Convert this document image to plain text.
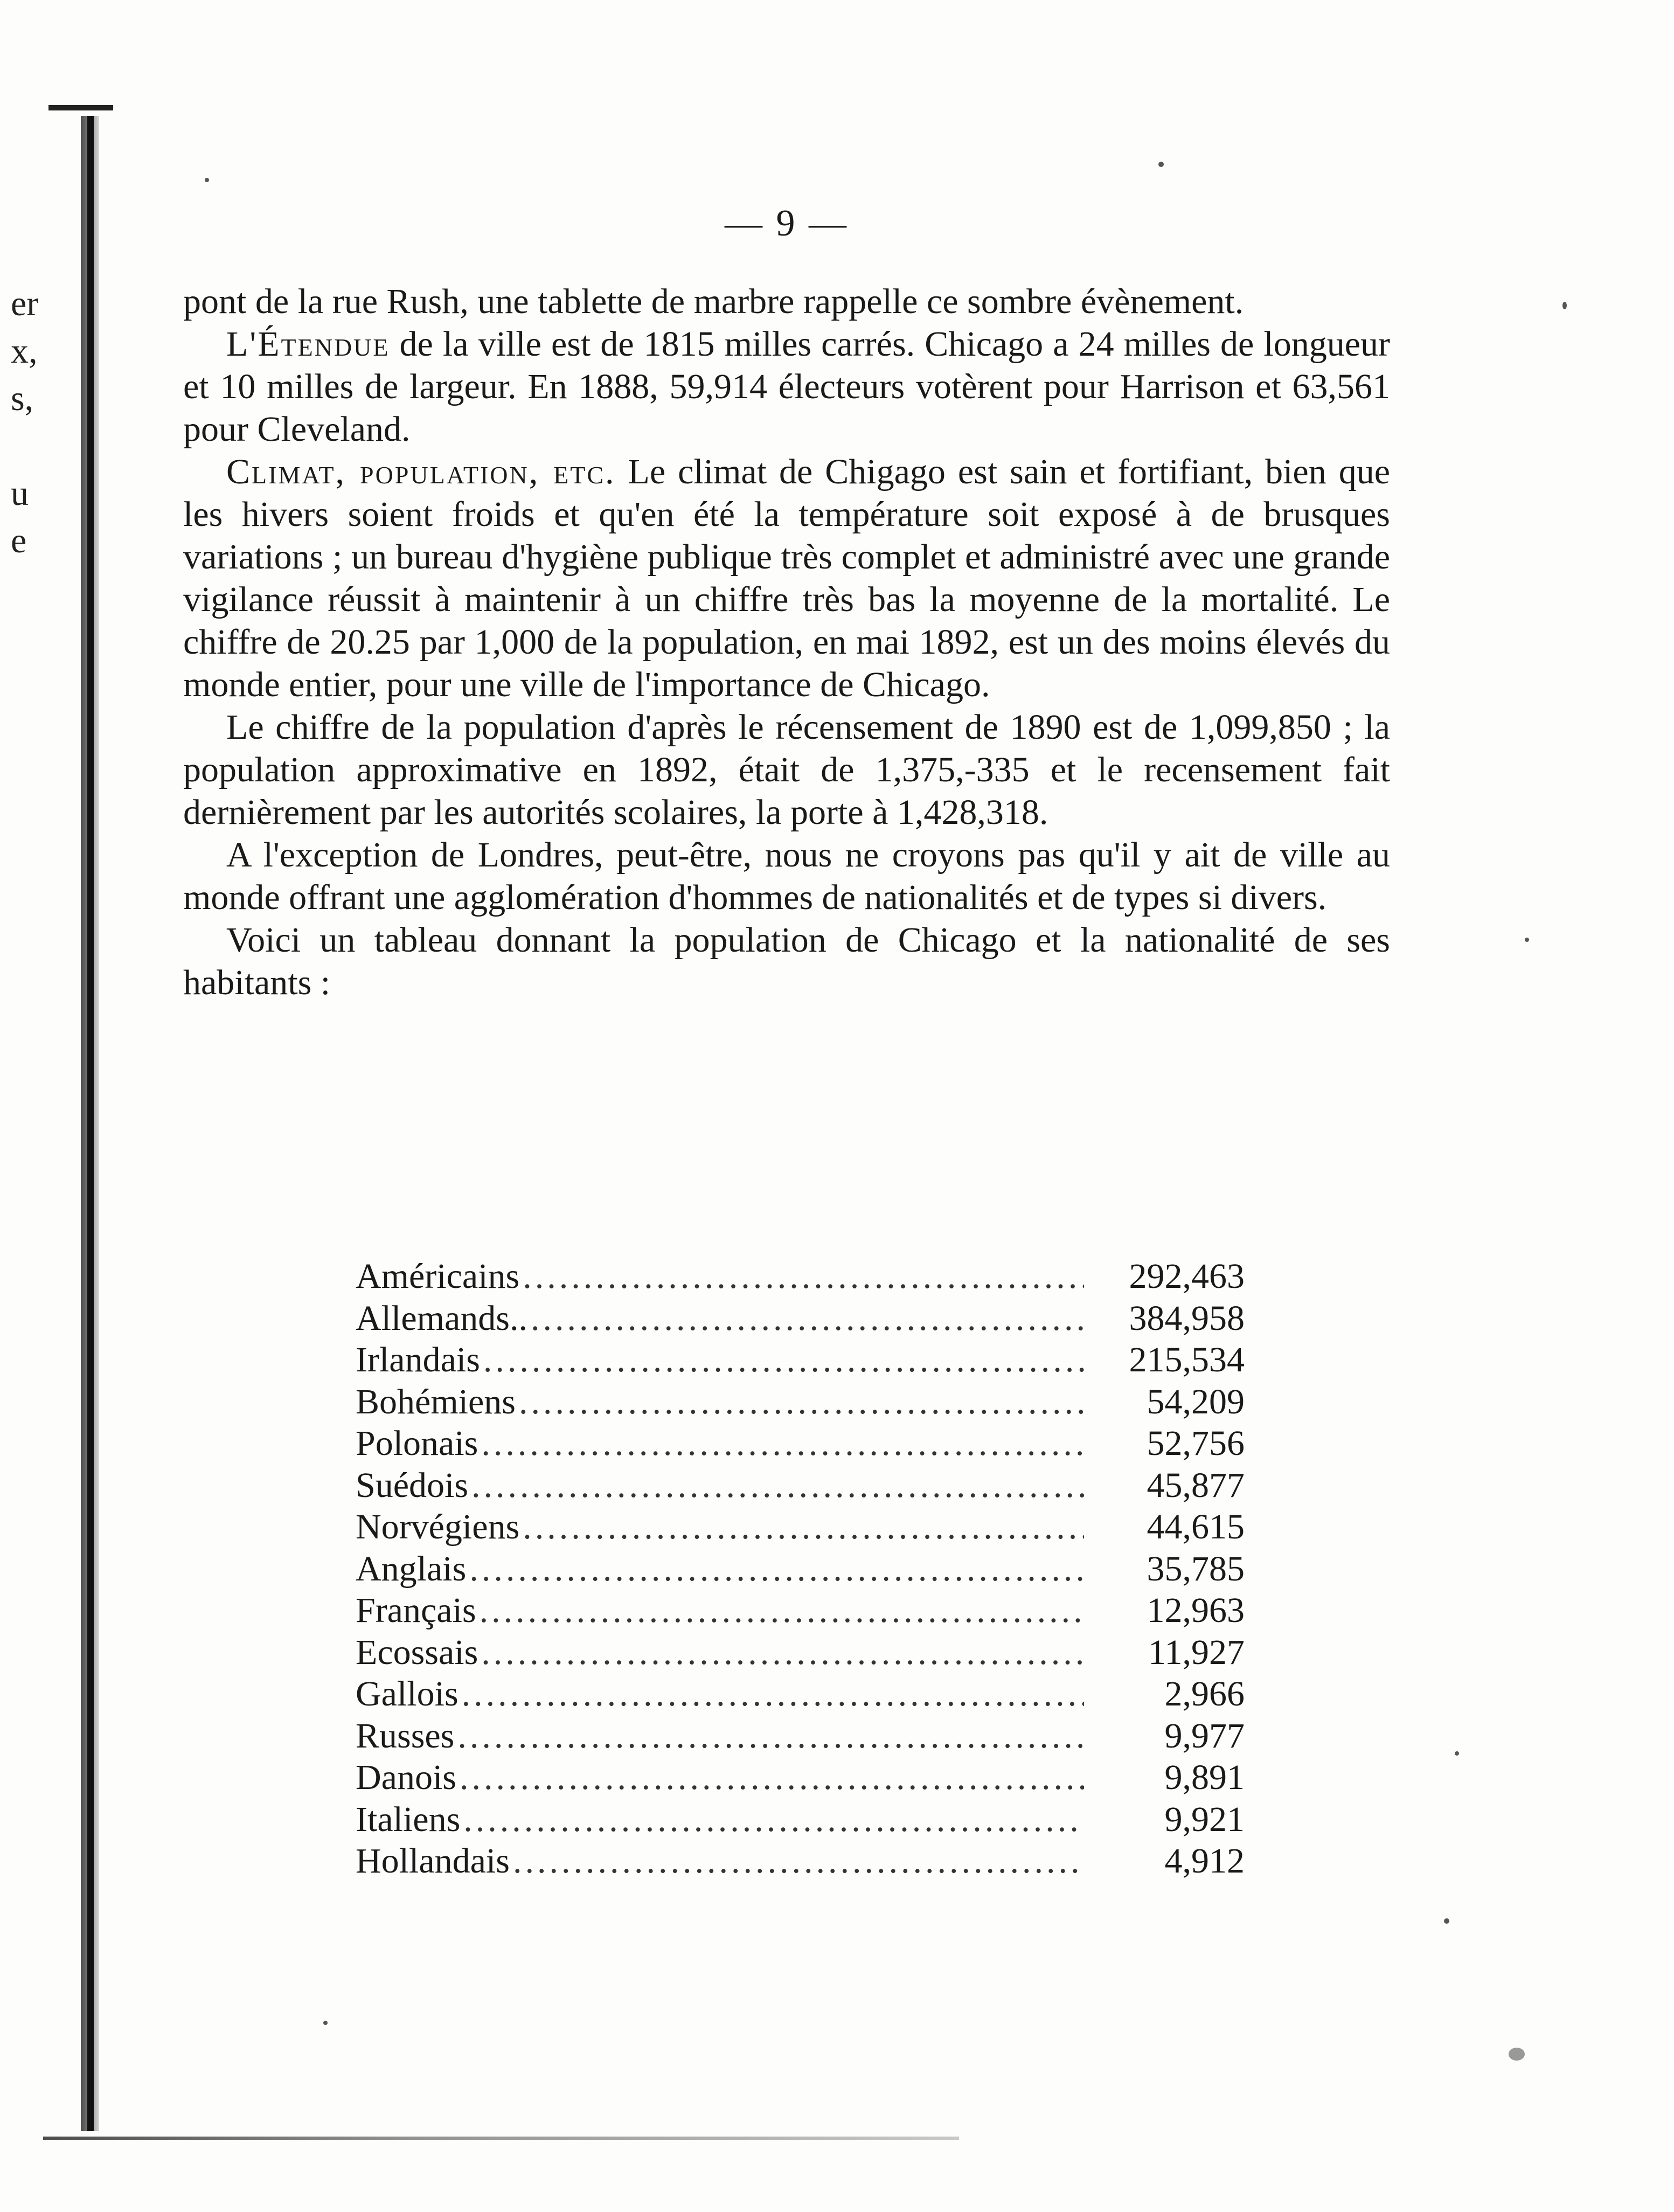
er
x,
s,
u
e
— 9 —

pont de la rue Rush, une tablette de marbre rappelle ce sombre évènement.

L'Étendue de la ville est de 1815 milles carrés. Chicago a 24 milles de longueur et 10 milles de largeur. En 1888, 59,914 électeurs votèrent pour Harrison et 63,561 pour Cleveland.

Climat, population, etc. Le climat de Chigago est sain et fortifiant, bien que les hivers soient froids et qu'en été la température soit exposé à de brusques variations ; un bureau d'hygiène publique très complet et administré avec une grande vigilance réussit à maintenir à un chiffre très bas la moyenne de la mortalité. Le chiffre de 20.25 par 1,000 de la population, en mai 1892, est un des moins élevés du monde entier, pour une ville de l'importance de Chicago.

Le chiffre de la population d'après le récensement de 1890 est de 1,099,850 ; la population approximative en 1892, était de 1,375,-335 et le recensement fait dernièrement par les autorités scolaires, la porte à 1,428,318.

A l'exception de Londres, peut-être, nous ne croyons pas qu'il y ait de ville au monde offrant une agglomération d'hommes de nationalités et de types si divers.

Voici un tableau donnant la population de Chicago et la nationalité de ses habitants :

Américains .....	292,463
Allemands.. .....	384,958
Irlandais .....	215,534
Bohémiens .....	54,209
Polonais .....	52,756
Suédois .....	45,877
Norvégiens .....	44,615
Anglais .....	35,785
Français .....	12,963
Ecossais .....	11,927
Gallois .....	2,966
Russes .....	9,977
Danois .....	9,891
Italiens .....	9,921
Hollandais .....	4,912
